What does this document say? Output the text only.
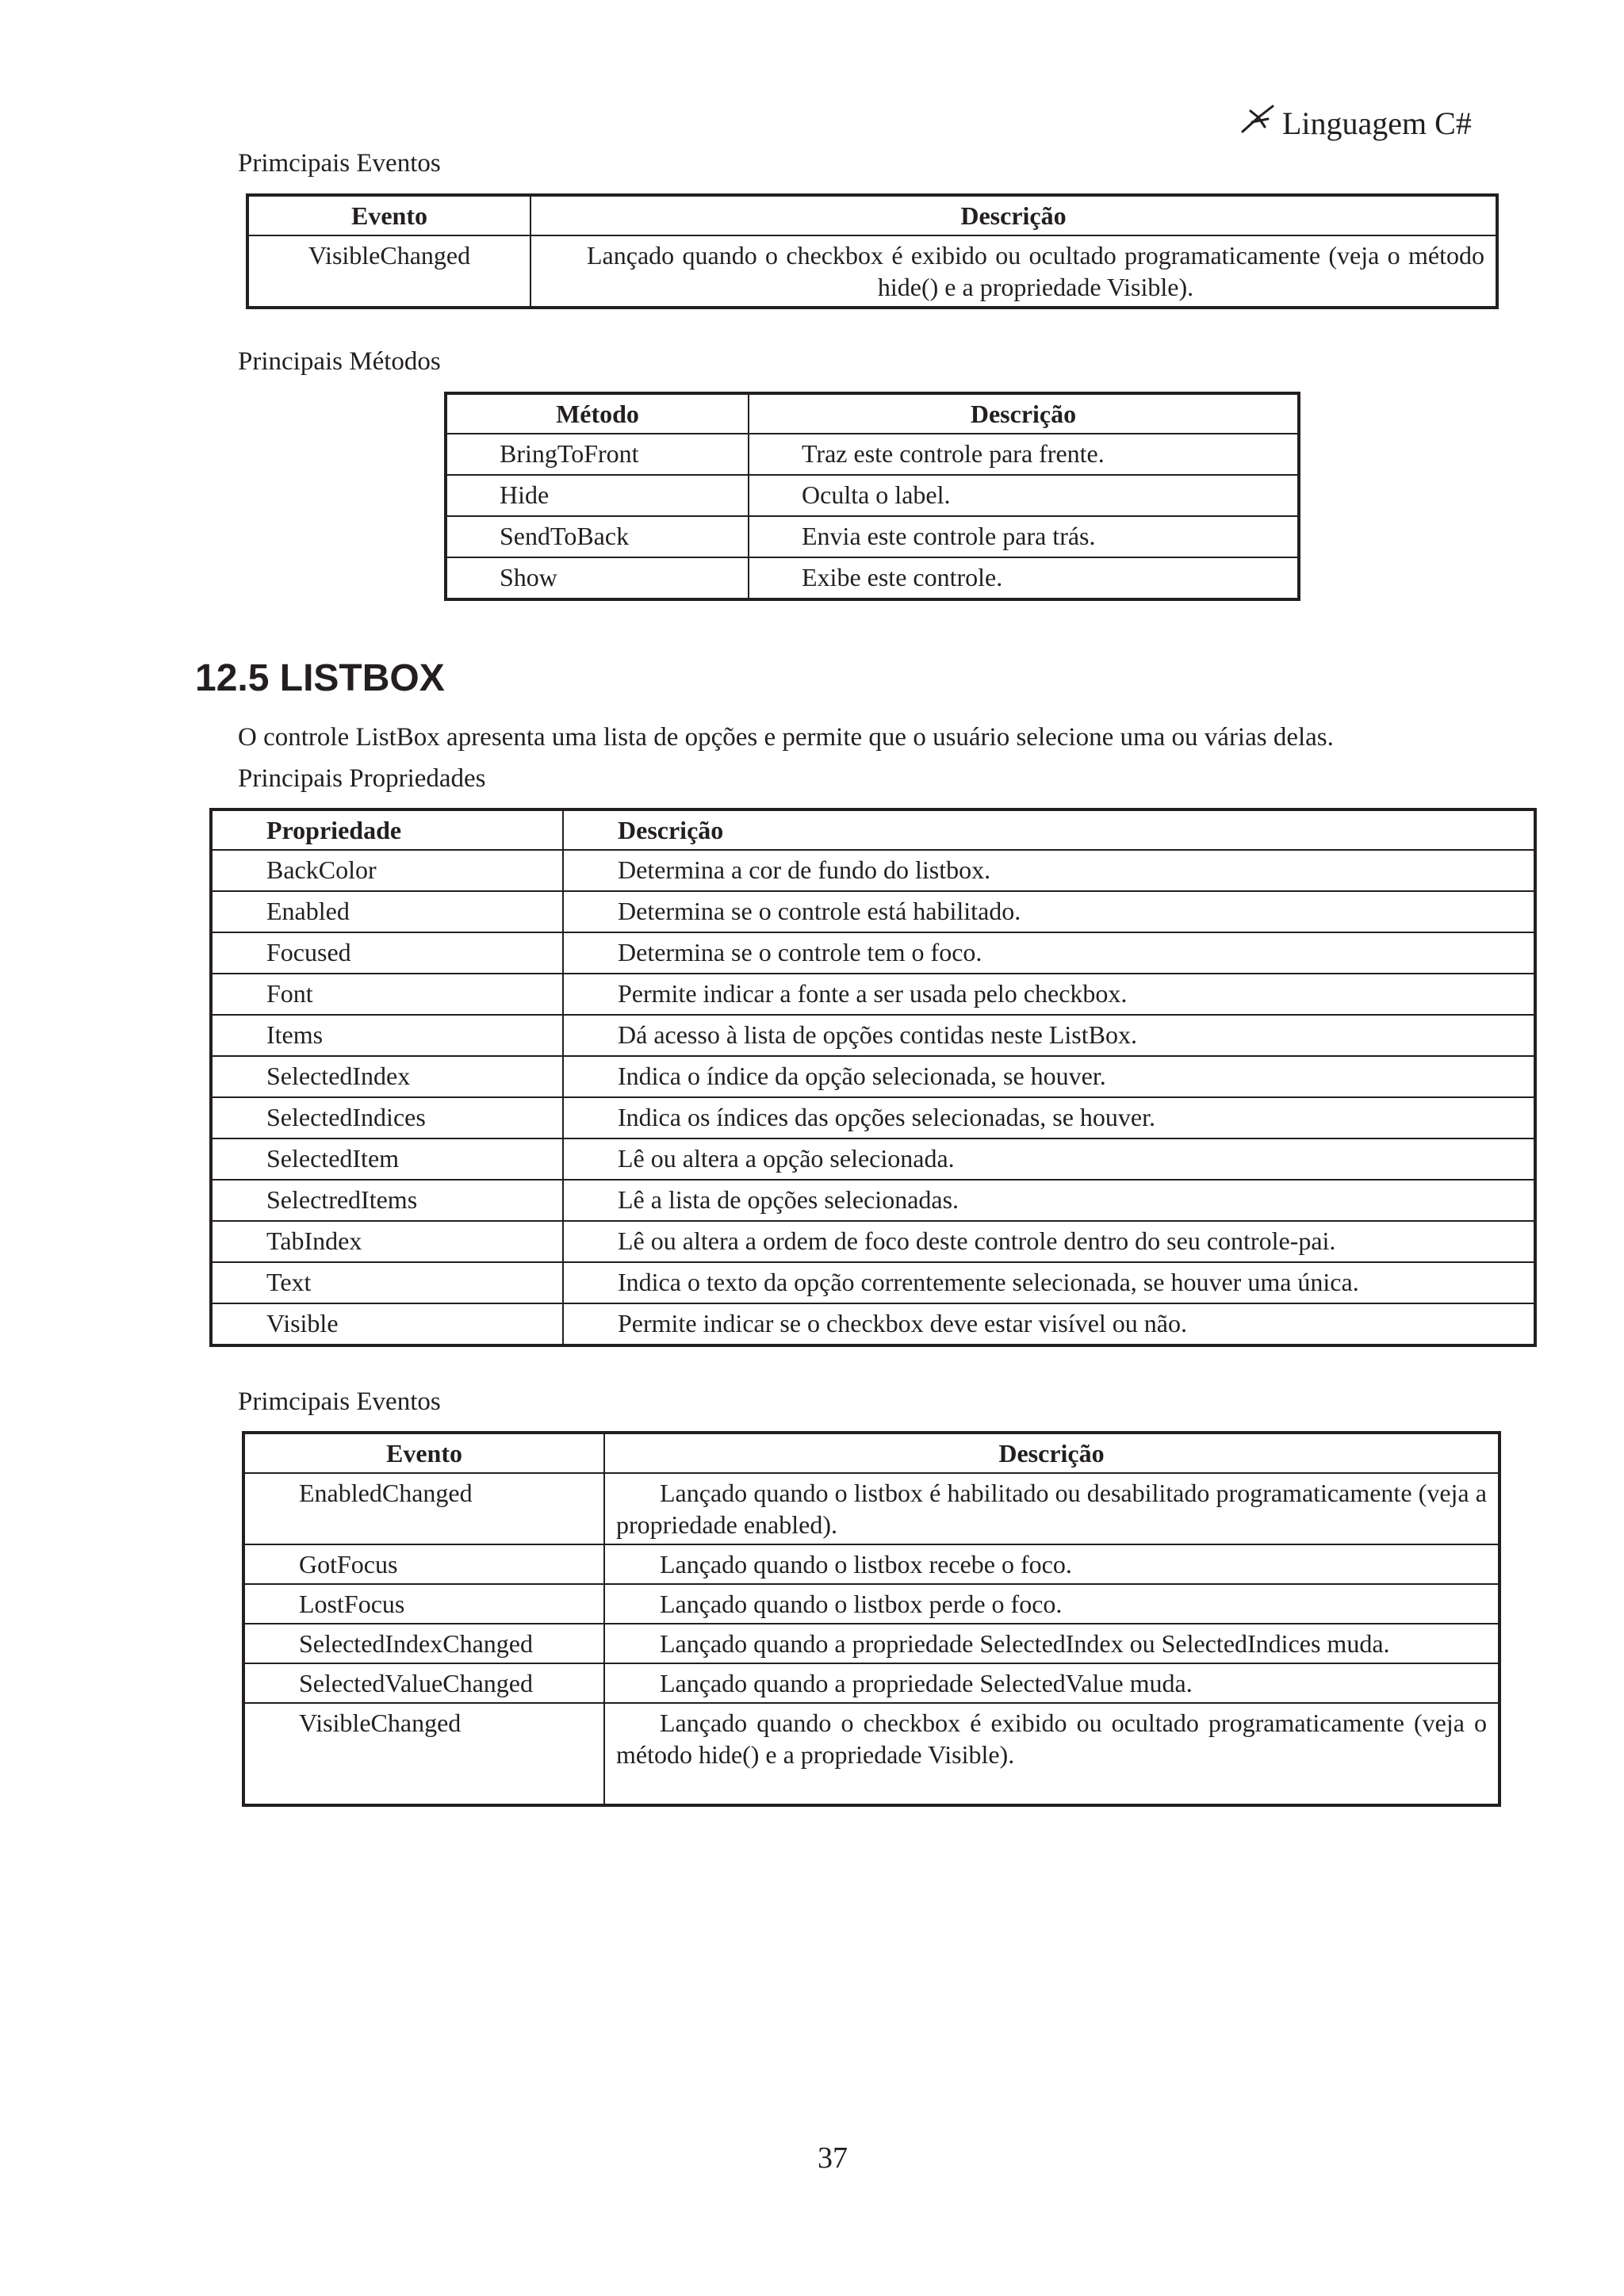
Linguagem C#
Primcipais Eventos
Evento	Descrição
VisibleChanged	Lançado quando o checkbox é exibido ou ocultado programaticamente (veja o método hide() e a propriedade Visible).
Principais Métodos
Método	Descrição
BringToFront	Traz este controle para frente.
Hide	Oculta o label.
SendToBack	Envia este controle para trás.
Show	Exibe este controle.
12.5 LISTBOX
O controle ListBox apresenta uma lista de opções e permite que o usuário selecione uma ou várias delas.
Principais Propriedades
Propriedade	Descrição
BackColor	Determina a cor de fundo do listbox.
Enabled	Determina se o controle está habilitado.
Focused	Determina se o controle tem o foco.
Font	Permite indicar a fonte a ser usada pelo checkbox.
Items	Dá acesso à lista de opções contidas neste ListBox.
SelectedIndex	Indica o índice da opção selecionada, se houver.
SelectedIndices	Indica os índices das opções selecionadas, se houver.
SelectedItem	Lê ou altera a opção selecionada.
SelectredItems	Lê a lista de opções selecionadas.
TabIndex	Lê ou altera a ordem de foco deste controle dentro do seu controle-pai.
Text	Indica o texto da opção correntemente selecionada, se houver uma única.
Visible	Permite indicar se o checkbox deve estar visível ou não.
Primcipais Eventos
Evento	Descrição
EnabledChanged	Lançado quando o listbox é habilitado ou desabilitado programaticamente (veja a propriedade enabled).
GotFocus	Lançado quando o listbox recebe o foco.
LostFocus	Lançado quando o listbox perde o foco.
SelectedIndexChanged	Lançado quando a propriedade SelectedIndex ou SelectedIndices muda.
SelectedValueChanged	Lançado quando a propriedade SelectedValue muda.
VisibleChanged	Lançado quando o checkbox é exibido ou ocultado programaticamente (veja o método hide() e a propriedade Visible).
37
